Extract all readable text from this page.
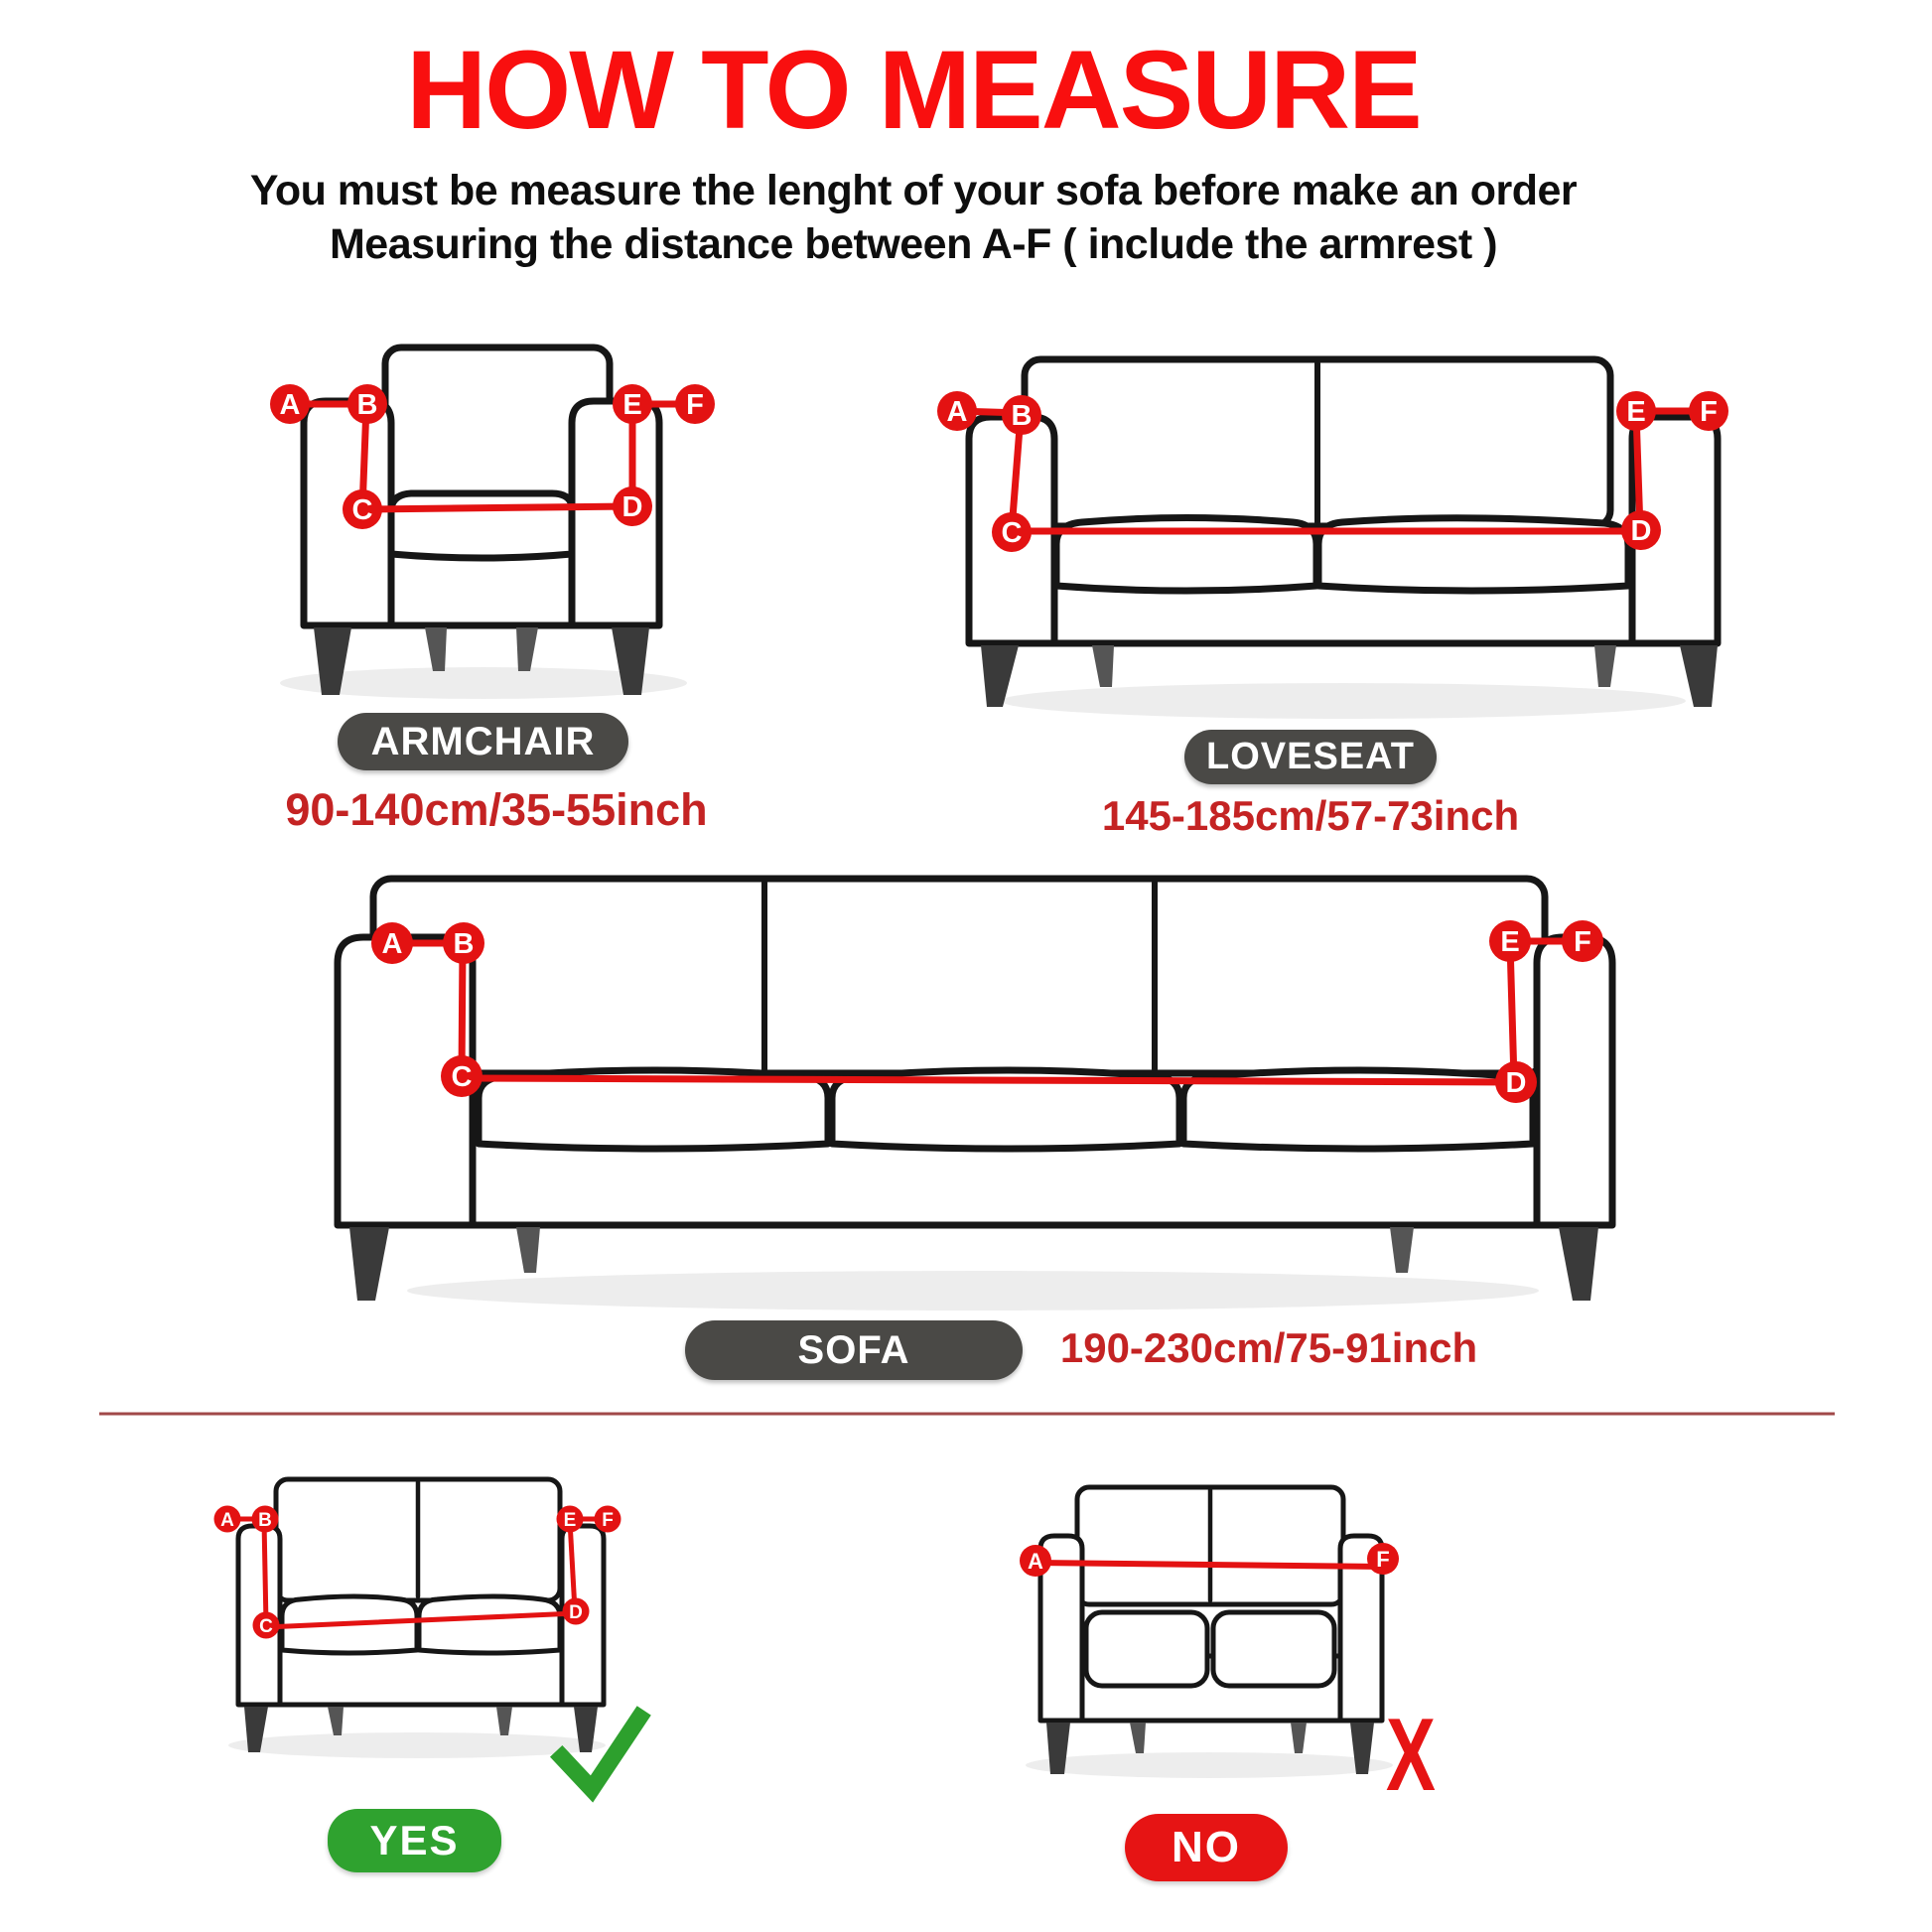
A B
C	D
E F	A B
C	D
E F
A B
C	D
E F
A B
C
D
E F
A	F
X
HOW TO MEASURE
You must be measure the lenght of your sofa before make an order
Measuring the distance between A-F ( include the armrest )
ARMCHAIR
90-140cm/35-55inch
LOVESEAT
145-185cm/57-73inch
SOFA	190-230cm/75-91inch
YES	NO
